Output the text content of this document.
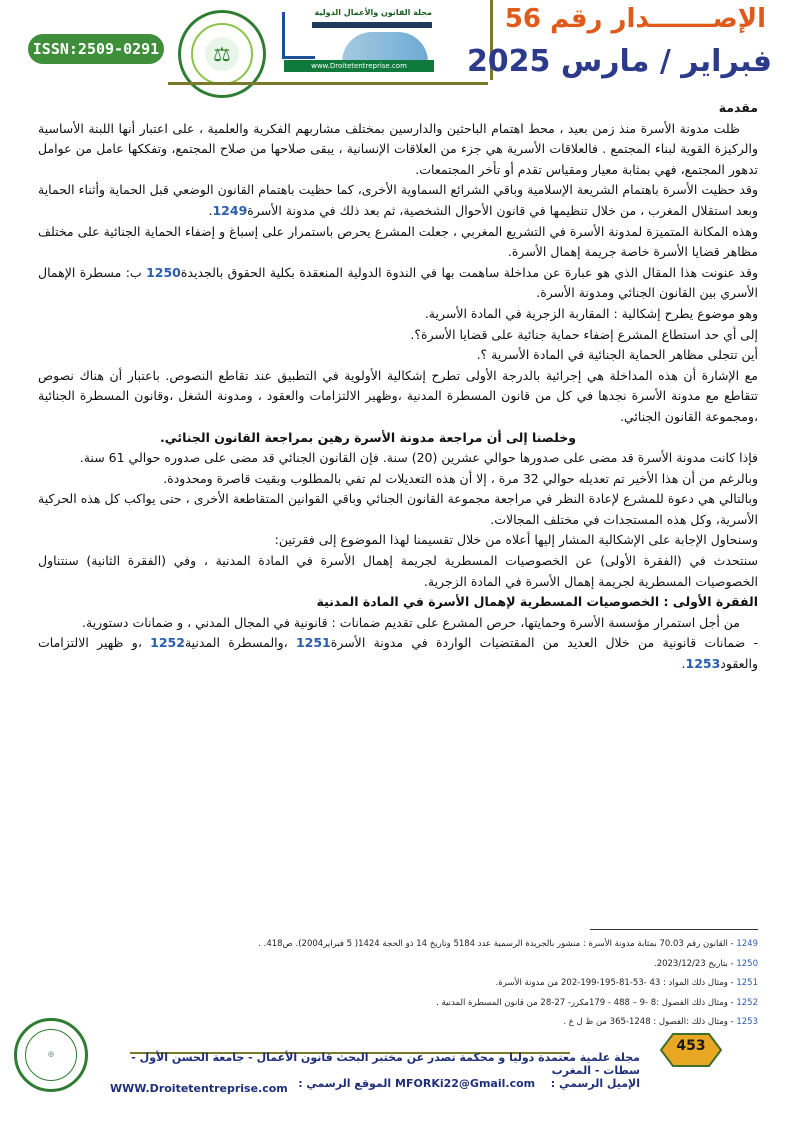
ISSN:2509-0291	⚖
مجلة القانون والأعمال الدولية
www.Droitetentreprise.com
الإصـــــــدار رقم 56
فبراير / مارس 2025

مقدمة

ظلت مدونة الأسرة منذ زمن بعيد ، محط اهتمام الباحثين والدارسين بمختلف مشاربهم الفكرية والعلمية ، على اعتبار أنها اللبنة الأساسية والركيزة القوية لبناء المجتمع . فالعلاقات الأسرية هي جزء من العلاقات الإنسانية ، يبقى صلاحها من صلاح المجتمع، وتفككها عامل من عوامل تدهور المجتمع، فهي بمثابة معيار ومقياس تقدم أو تأخر المجتمعات.

وقد حظيت الأسرة باهتمام الشريعة الإسلامية وباقي الشرائع السماوية الأخرى، كما حظيت باهتمام القانون الوضعي قبل الحماية وأثناء الحماية وبعد استقلال المغرب ، من خلال تنظيمها في قانون الأحوال الشخصية، ثم بعد ذلك في مدونة الأسرة1249.

وهذه المكانة المتميزة لمدونة الأسرة في التشريع المغربي ، جعلت المشرع يحرص باستمرار على إسباغ و إضفاء الحماية الجنائية على مختلف مظاهر قضايا الأسرة خاصة جريمة إهمال الأسرة.

وقد عنونت هذا المقال الذي هو عبارة عن مداخلة ساهمت بها في الندوة الدولية المنعقدة بكلية الحقوق بالجديدة1250 ب: مسطرة الإهمال الأسري بين القانون الجنائي ومدونة الأسرة.

وهو موضوع يطرح إشكالية : المقاربة الزجرية في المادة الأسرية.

إلى أي حد استطاع المشرع إضفاء حماية جنائية على قضايا الأسرة؟.

أين تتجلى مظاهر الحماية الجنائية في المادة الأسرية ؟.

مع الإشارة أن هذه المداخلة هي إجرائية بالدرجة الأولى تطرح إشكالية الأولوية في التطبيق عند تقاطع النصوص. باعتبار أن هناك نصوص تتقاطع مع مدونة الأسرة نجدها في كل من قانون المسطرة المدنية ،وظهير الالتزامات والعقود ، ومدونة الشغل ،وقانون المسطرة الجنائية ،ومجموعة القانون الجنائي.

وخلصنا إلى أن مراجعة مدونة الأسرة رهين بمراجعة القانون الجنائي.

فإذا كانت مدونة الأسرة قد مضى على صدورها حوالي عشرين (20) سنة. فإن القانون الجنائي قد مضى على صدوره حوالي 61 سنة.

وبالرغم من أن هذا الأخير تم تعديله حوالي 32 مرة ، إلا أن هذه التعديلات لم تفي بالمطلوب وبقيت قاصرة ومحدودة.

وبالتالي هي دعوة للمشرع لإعادة النظر في مراجعة مجموعة القانون الجنائي وباقي القوانين المتقاطعة الأخرى ، حتى يواكب كل هذه الحركية الأسرية، وكل هذه المستجدات في مختلف المجالات.

وسنحاول الإجابة على الإشكالية المشار إليها أعلاه من خلال تقسيمنا لهذا الموضوع إلى فقرتين:

سنتحدث في (الفقرة الأولى) عن الخصوصيات المسطرية لجريمة إهمال الأسرة في المادة المدنية ، وفي (الفقرة الثانية) سنتناول الخصوصيات المسطرية لجريمة إهمال الأسرة في المادة الزجرية.

الفقرة الأولى : الخصوصيات المسطرية لإهمال الأسرة في المادة المدنية

من أجل استمرار مؤسسة الأسرة وحمايتها، حرص المشرع على تقديم ضمانات : قانونية في المجال المدني ، و ضمانات دستورية.

- ضمانات قانونية من خلال العديد من المقتضيات الواردة في مدونة الأسرة1251 ،والمسطرة المدنية1252 ،و ظهير الالتزامات والعقود1253.

1249 - القانون رقم 70.03 بمثابة مدونة الأسرة : منشور بالجريدة الرسمية عدد 5184 وتاريخ 14 ذو الحجة 1424( 5 فبراير2004). ص418. .
1250 - بتاريخ 2023/12/23.
1251 - ومثال ذلك المواد : 43 -53-81-195-199-202 من مدونة الأسرة.
1252 - ومثال ذلك الفصول :8 -9 – 488 - 179مكرر- 27-28 من قانون المسطرة المدنية .
1253 - ومثال ذلك :الفصول : 1248-365 من ظ ل ع .
◎	453
مجلة علمية معتمدة دوليا و محكمة تصدر عن مختبر البحث قانون الأعمال - جامعة الحسن الأول - سطات - المغرب
الإميل الرسمي :  MFORKi22@Gmail.com الموقع الرسمي :
WWW.Droitetentreprise.com
